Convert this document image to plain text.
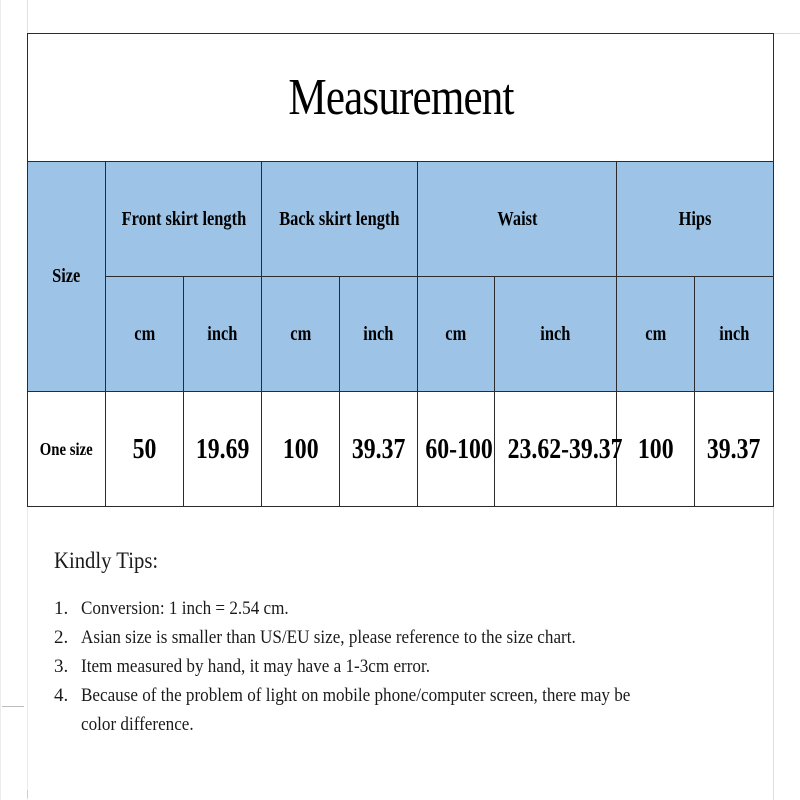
Measurement								
Size	Front skirt length		Back skirt length		Waist		Hips	
	cm	inch	cm	inch	cm	inch	cm	inch
One size	50	19.69	100	39.37	60-100	23.62-39.37	100	39.37
Kindly Tips:
1. Conversion: 1 inch = 2.54 cm.
2. Asian size is smaller than US/EU size, please reference to the size chart.
3. Item measured by hand, it may have a 1-3cm error.
4. Because of the problem of light on mobile phone/computer screen, there may be
color difference.
